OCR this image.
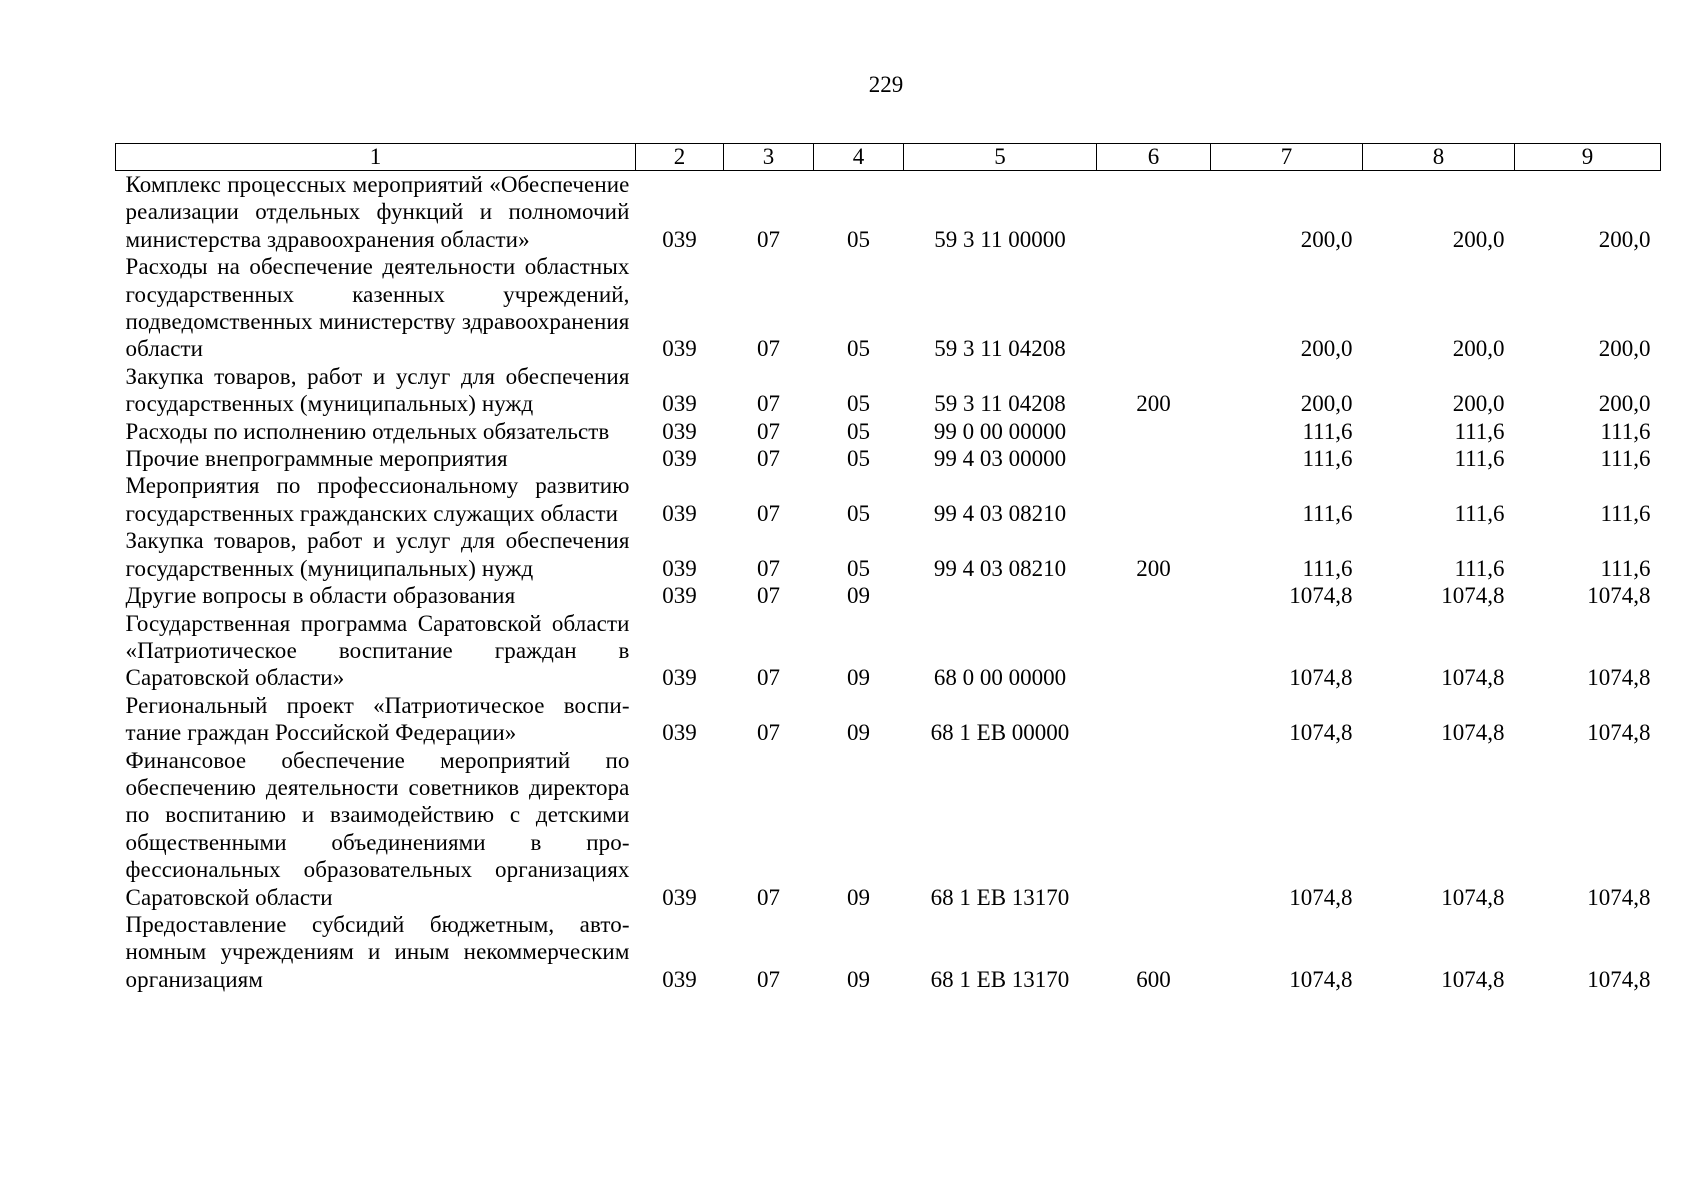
229
1	2	3	4	5	6	7	8	9
Комплекс процессных мероприятий «Обеспечение реализации отдельных функций и полномочий министерства здравоохранения области»	039	07	05	59 3 11 00000		200,0	200,0	200,0
Расходы на обеспечение деятельности областных государственных казенных учреждений, подведомственных министерству здравоохранения области	039	07	05	59 3 11 04208		200,0	200,0	200,0
Закупка товаров, работ и услуг для обеспечения государственных (муниципальных) нужд	039	07	05	59 3 11 04208	200	200,0	200,0	200,0
Расходы по исполнению отдельных обязательств	039	07	05	99 0 00 00000		111,6	111,6	111,6
Прочие внепрограммные мероприятия	039	07	05	99 4 03 00000		111,6	111,6	111,6
Мероприятия по профессиональному развитию государственных гражданских служащих области	039	07	05	99 4 03 08210		111,6	111,6	111,6
Закупка товаров, работ и услуг для обеспечения государственных (муниципальных) нужд	039	07	05	99 4 03 08210	200	111,6	111,6	111,6
Другие вопросы в области образования	039	07	09			1074,8	1074,8	1074,8
Государственная программа Саратовской области «Патриотическое воспитание граждан в Саратовской области»	039	07	09	68 0 00 00000		1074,8	1074,8	1074,8
Региональный проект «Патриотическое воспитание граждан Российской Федерации»	039	07	09	68 1 ЕВ 00000		1074,8	1074,8	1074,8
Финансовое обеспечение мероприятий по обеспечению деятельности советников директора по воспитанию и взаимодействию с детскими общественными объединениями в профессиональных образовательных организациях Саратовской области	039	07	09	68 1 ЕВ 13170		1074,8	1074,8	1074,8
Предоставление субсидий бюджетным, автономным учреждениям и иным некоммерческим организациям	039	07	09	68 1 ЕВ 13170	600	1074,8	1074,8	1074,8
